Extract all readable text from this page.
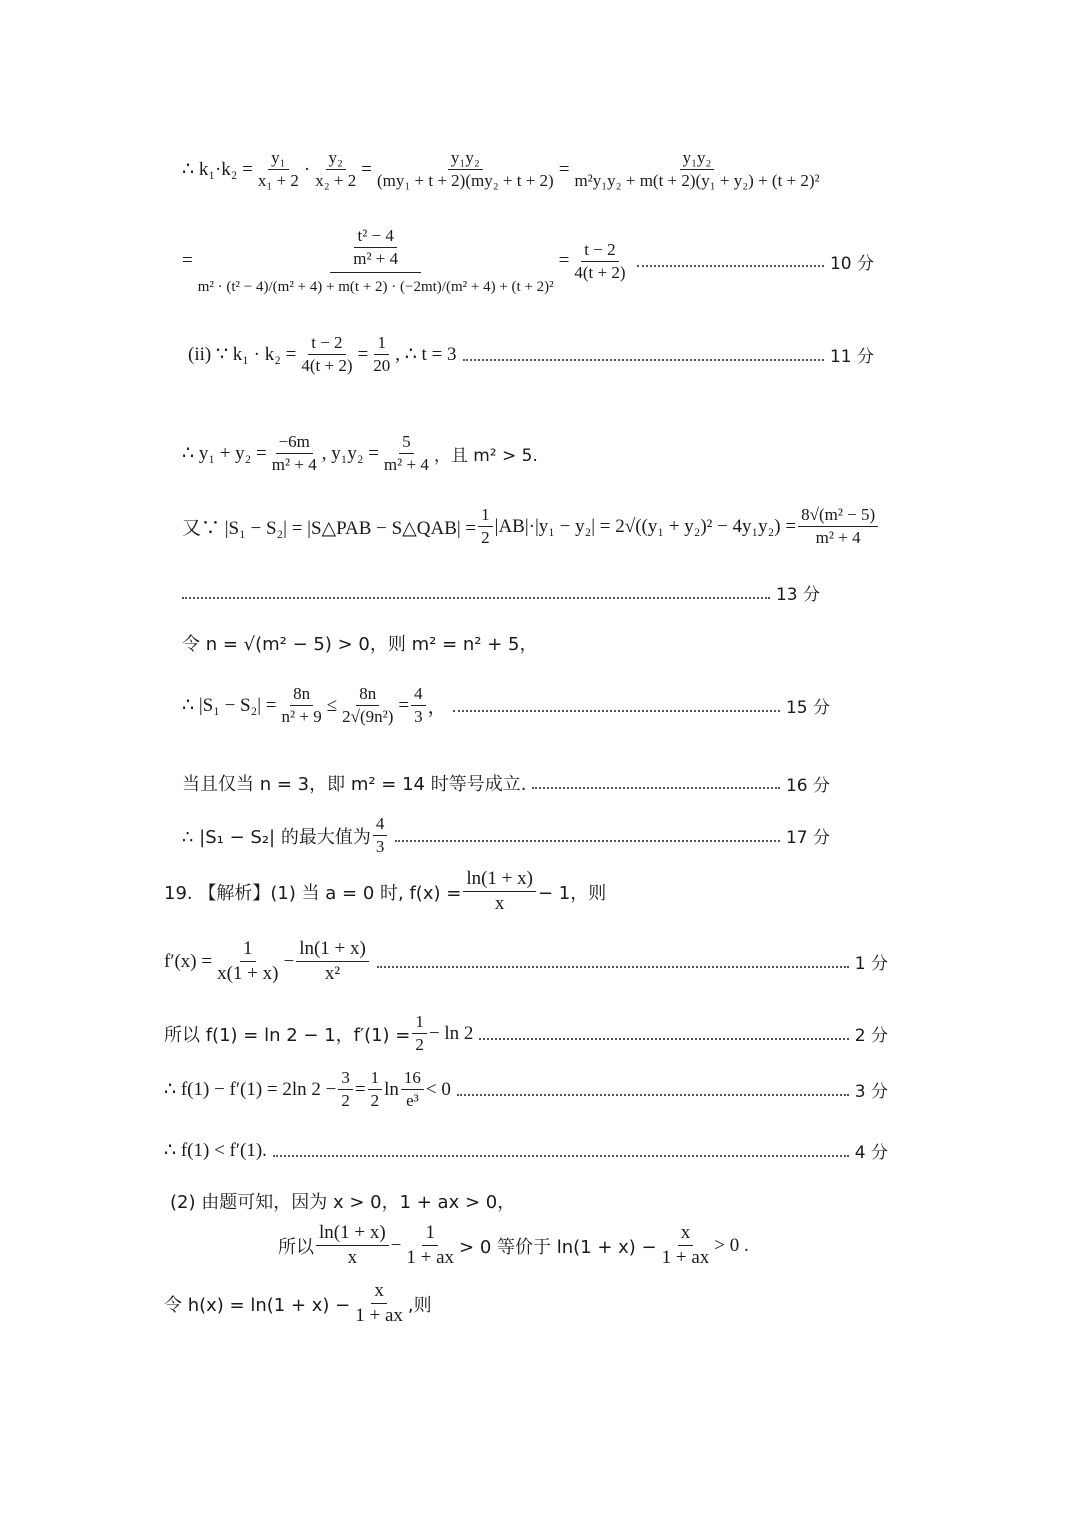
∴ $k_1\cdot k_2 = \frac{\text{y₁}}{\text{x₁ + 2}} \cdot \frac{\text{y₂}}{\text{x₂ + 2}} = \frac{\text{y₁y₂}}{\text{(my₁ + t + 2)(my₂ + t + 2)}} = \frac{\text{y₁y₂}}{\text{m²y₁y₂ + m(t + 2)(y₁ + y₂) + (t + 2)²}}$
=	$\frac{\text{t² − 4}}{\text{m² + 4}}$
m² · (t² − 4)/(m² + 4) + m(t + 2) · (−2mt)/(m² + 4) + (t + 2)²
= $\frac{t - 2}{4(t + 2)}$	10 分
(ii) ∵ $k_1 \cdot k_2 = \frac{t - 2}{4(t + 2)} = \frac{1}{20}$ , ∴ t = 3	11 分
∴ $y_1 + y_2 = \frac{-6m}{\text{m² + 4}}$ , $y_1y_2 = \frac{5}{\text{m² + 4}}$ ，且 m² > 5.
又∵ |S₁ − S₂| = |S△PAB − S△QAB| = $\frac{1}{2} |AB|\cdot|y_1 - y_2| = 2√((y_1 + y_2)^2 - 4y_1y_2) = \frac{\text{8√(m² − 5)}}{\text{m² + 4}}$
13 分
令 n = √(m² − 5) > 0，则 m² = n² + 5，
∴ $|S_1 - S_2| = \frac{8n}{\text{n² + 9}} \le \frac{8n}{\text{2√(9n²)}} = \frac{4}{3}$ ，	15 分
当且仅当 n = 3，即 m² = 14 时等号成立.	16 分
∴ |S₁ − S₂| 的最大值为 $\frac{4}{3}$	17 分
19. 【解析】(1) 当 a = 0 时, $f(x) = \frac{\ln(1 + x)}{x} - 1$，则
$f'(x) = \frac{1}{x(1 + x)} - \frac{\ln(1 + x)}{\text{x²}}$	1 分
所以 f(1) = ln 2 − 1，$f'(1) = \frac{1}{2} - \ln 2$	2 分
∴ f(1) − f′(1) = 2ln $2 - \frac{3}{2} = \frac{1}{2}$ $\ln \frac{16}{\text{e³}} < 0$	3 分
∴ f(1) < f′(1).	4 分
(2) 由题可知，因为 x > 0，1 + ax > 0，
所以 $\frac{\ln(1 + x)}{x} - \frac{1}{1 + ax} > 0$ 等价于 $\ln(1 + x) - \frac{x}{1 + ax} > 0$ .
令 $h(x) = \ln(1 + x) - \frac{x}{1 + ax}$ ,则
